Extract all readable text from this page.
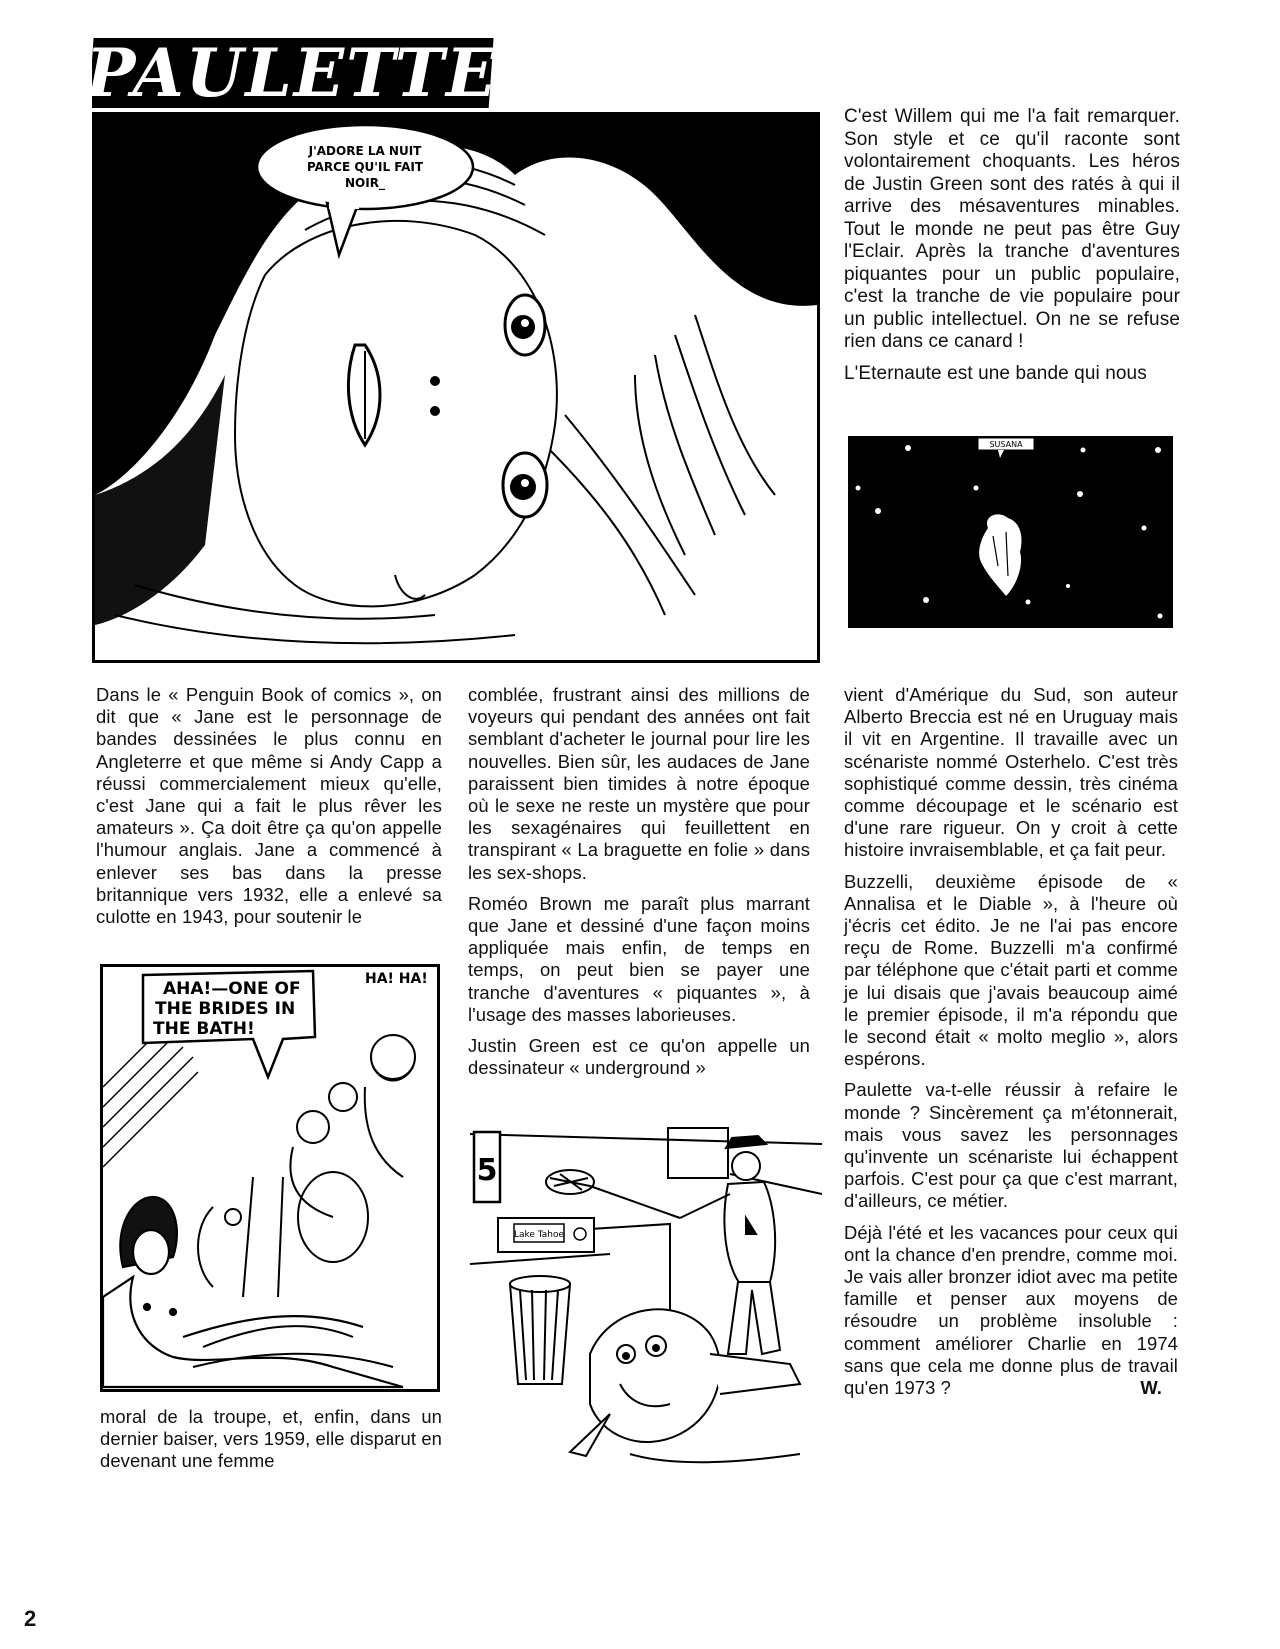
PAULETTE
J'ADORE LA NUIT
PARCE QU'IL FAIT
NOIR_

C'est Willem qui me l'a fait remarquer. Son style et ce qu'il raconte sont volontairement choquants. Les héros de Justin Green sont des ratés à qui il arrive des mésaventures minables. Tout le monde ne peut pas être Guy l'Eclair. Après la tranche d'aventures piquantes pour un public populaire, c'est la tranche de vie populaire pour un public intellectuel. On ne se refuse rien dans ce canard !

L'Eternaute est une bande qui nous

SUSANA

Dans le « Penguin Book of comics », on dit que « Jane est le personnage de bandes dessinées le plus connu en Angleterre et que même si Andy Capp a réussi commercialement mieux qu'elle, c'est Jane qui a fait le plus rêver les amateurs ». Ça doit être ça qu'on appelle l'humour anglais. Jane a commencé à enlever ses bas dans la presse britannique vers 1932, elle a enlevé sa culotte en 1943, pour soutenir le

AHA!—ONE OF
THE BRIDES IN
THE BATH!
HA! HA!

moral de la troupe, et, enfin, dans un dernier baiser, vers 1959, elle disparut en devenant une femme

comblée, frustrant ainsi des millions de voyeurs qui pendant des années ont fait semblant d'acheter le journal pour lire les nouvelles. Bien sûr, les audaces de Jane paraissent bien timides à notre époque où le sexe ne reste un mystère que pour les sexagénaires qui feuillettent en transpirant « La braguette en folie » dans les sex-shops.

Roméo Brown me paraît plus marrant que Jane et dessiné d'une façon moins appliquée mais enfin, de temps en temps, on peut bien se payer une tranche d'aventures « piquantes », à l'usage des masses laborieuses.

Justin Green est ce qu'on appelle un dessinateur « underground »

5
Lake Tahoe

vient d'Amérique du Sud, son auteur Alberto Breccia est né en Uruguay mais il vit en Argentine. Il travaille avec un scénariste nommé Osterhelo. C'est très sophistiqué comme dessin, très cinéma comme découpage et le scénario est d'une rare rigueur. On y croit à cette histoire invraisemblable, et ça fait peur.

Buzzelli, deuxième épisode de « Annalisa et le Diable », à l'heure où j'écris cet édito. Je ne l'ai pas encore reçu de Rome. Buzzelli m'a confirmé par téléphone que c'était parti et comme je lui disais que j'avais beaucoup aimé le premier épisode, il m'a répondu que le second était « molto meglio », alors espérons.

Paulette va-t-elle réussir à refaire le monde ? Sincèrement ça m'étonnerait, mais vous savez les personnages qu'invente un scénariste lui échappent parfois. C'est pour ça que c'est marrant, d'ailleurs, ce métier.

Déjà l'été et les vacances pour ceux qui ont la chance d'en prendre, comme moi. Je vais aller bronzer idiot avec ma petite famille et penser aux moyens de résoudre un problème insoluble : comment améliorer Charlie en 1974 sans que cela me donne plus de travail qu'en 1973 ?	W.

2
